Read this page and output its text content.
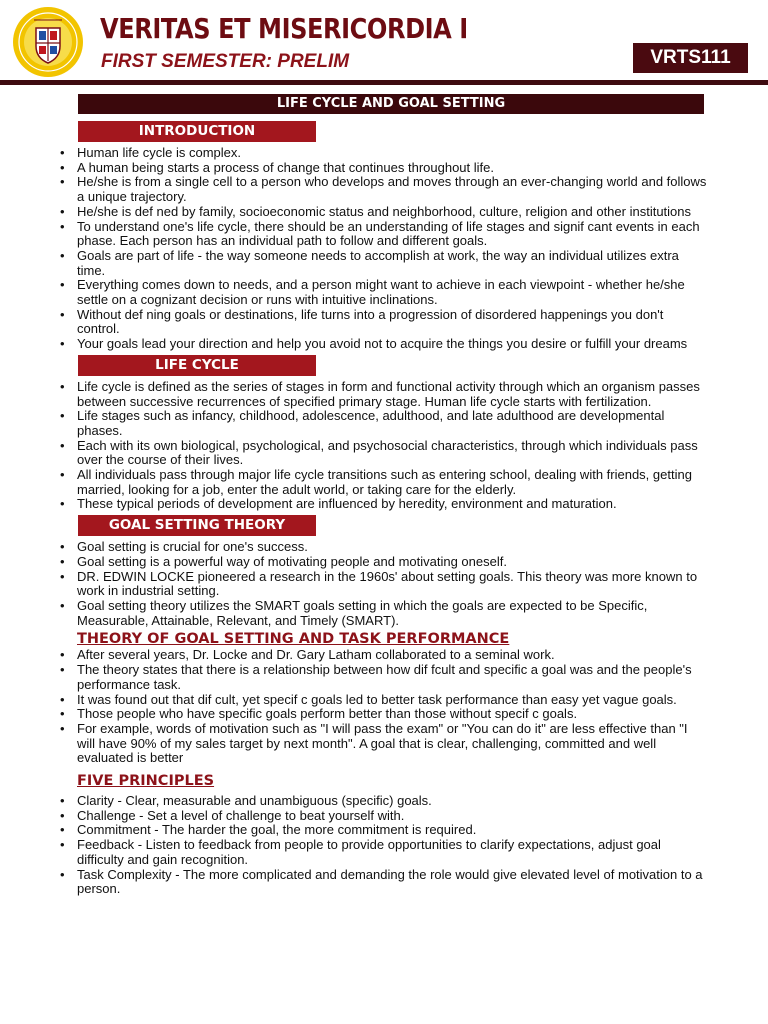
VERITAS ET MISERICORDIA I
FIRST SEMESTER: PRELIM	VRTS111
LIFE CYCLE AND GOAL SETTING
INTRODUCTION
• Human life cycle is complex.
• A human being starts a process of change that continues throughout life.
• He/she is from a single cell to a person who develops and moves through an ever-changing world and follows a unique trajectory.
• He/she is def ned by family, socioeconomic status and neighborhood, culture, religion and other institutions
• To understand one's life cycle, there should be an understanding of life stages and signif cant events in each phase. Each person has an individual path to follow and different goals.
• Goals are part of life - the way someone needs to accomplish at work, the way an individual utilizes extra time.
• Everything comes down to needs, and a person might want to achieve in each viewpoint - whether he/she settle on a cognizant decision or runs with intuitive inclinations.
• Without def ning goals or destinations, life turns into a progression of disordered happenings you don't control.
• Your goals lead your direction and help you avoid not to acquire the things you desire or fulfill your dreams
LIFE CYCLE
• Life cycle is defined as the series of stages in form and functional activity through which an organism passes between successive recurrences of specified primary stage. Human life cycle starts with fertilization.
• Life stages such as infancy, childhood, adolescence, adulthood, and late adulthood are developmental phases.
• Each with its own biological, psychological, and psychosocial characteristics, through which individuals pass over the course of their lives.
• All individuals pass through major life cycle transitions such as entering school, dealing with friends, getting married, looking for a job, enter the adult world, or taking care for the elderly.
• These typical periods of development are influenced by heredity, environment and maturation.
GOAL SETTING THEORY
• Goal setting is crucial for one's success.
• Goal setting is a powerful way of motivating people and motivating oneself.
• DR. EDWIN LOCKE pioneered a research in the 1960s' about setting goals. This theory was more known to work in industrial setting.
• Goal setting theory utilizes the SMART goals setting in which the goals are expected to be Specific, Measurable, Attainable, Relevant, and Timely (SMART).
THEORY OF GOAL SETTING AND TASK PERFORMANCE
• After several years, Dr. Locke and Dr. Gary Latham collaborated to a seminal work.
• The theory states that there is a relationship between how dif fcult and specific a goal was and the people's performance task.
• It was found out that dif cult, yet specif c goals led to better task performance than easy yet vague goals.
• Those people who have specific goals perform better than those without specif c goals.
• For example, words of motivation such as "I will pass the exam" or "You can do it" are less effective than "I will have 90% of my sales target by next month". A goal that is clear, challenging, committed and well evaluated is better
FIVE PRINCIPLES
• Clarity - Clear, measurable and unambiguous (specific) goals.
• Challenge - Set a level of challenge to beat yourself with.
• Commitment - The harder the goal, the more commitment is required.
• Feedback - Listen to feedback from people to provide opportunities to clarify expectations, adjust goal difficulty and gain recognition.
• Task Complexity - The more complicated and demanding the role would give elevated level of motivation to a person.
